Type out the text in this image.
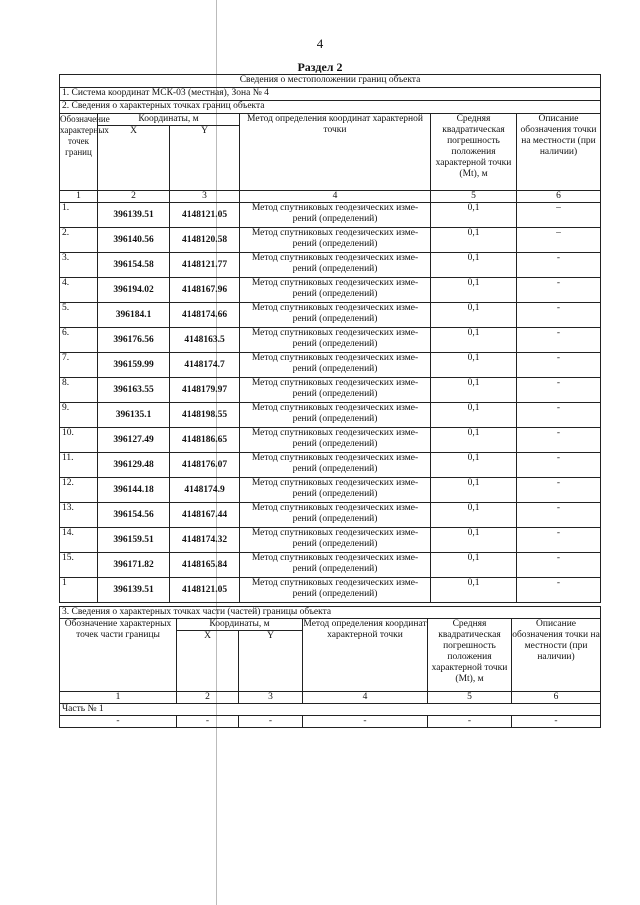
4
Раздел 2
Сведения о местоположении границ объекта					
1. Система координат МСК-03 (местная), Зона № 4					
2. Сведения о характерных точках границ объекта					
Обозначение характерных точек границ	Координаты, м		Метод определения координат характерной точки	Средняя квадратическая погрешность положения характерной точки (Mt), м	Описание обозначения точки на местности (при наличии)
	X	Y			
1	2	3	4	5	6
1.	396139.51	4148121.05	Метод спутниковых геодезических изме-рений (определений)	0,1	–
2.	396140.56	4148120.58	Метод спутниковых геодезических изме-рений (определений)	0,1	–
3.	396154.58	4148121.77	Метод спутниковых геодезических изме-рений (определений)	0,1	-
4.	396194.02	4148167.96	Метод спутниковых геодезических изме-рений (определений)	0,1	-
5.	396184.1	4148174.66	Метод спутниковых геодезических изме-рений (определений)	0,1	-
6.	396176.56	4148163.5	Метод спутниковых геодезических изме-рений (определений)	0,1	-
7.	396159.99	4148174.7	Метод спутниковых геодезических изме-рений (определений)	0,1	-
8.	396163.55	4148179.97	Метод спутниковых геодезических изме-рений (определений)	0,1	-
9.	396135.1	4148198.55	Метод спутниковых геодезических изме-рений (определений)	0,1	-
10.	396127.49	4148186.65	Метод спутниковых геодезических изме-рений (определений)	0,1	-
11.	396129.48	4148176.07	Метод спутниковых геодезических изме-рений (определений)	0,1	-
12.	396144.18	4148174.9	Метод спутниковых геодезических изме-рений (определений)	0,1	-
13.	396154.56	4148167.44	Метод спутниковых геодезических изме-рений (определений)	0,1	-
14.	396159.51	4148174.32	Метод спутниковых геодезических изме-рений (определений)	0,1	-
15.	396171.82	4148165.84	Метод спутниковых геодезических изме-рений (определений)	0,1	-
1	396139.51	4148121.05	Метод спутниковых геодезических изме-рений (определений)	0,1	-
3. Сведения о характерных точках части (частей) границы объекта					
Обозначение характерных точек части границы	Координаты, м		Метод определения координат характерной точки	Средняя квадратическая погрешность положения характерной точки (Mt), м	Описание обозначения точки на местности (при наличии)
	X	Y			
1	2	3	4	5	6
Часть № 1					
-	-	-	-	-	-
